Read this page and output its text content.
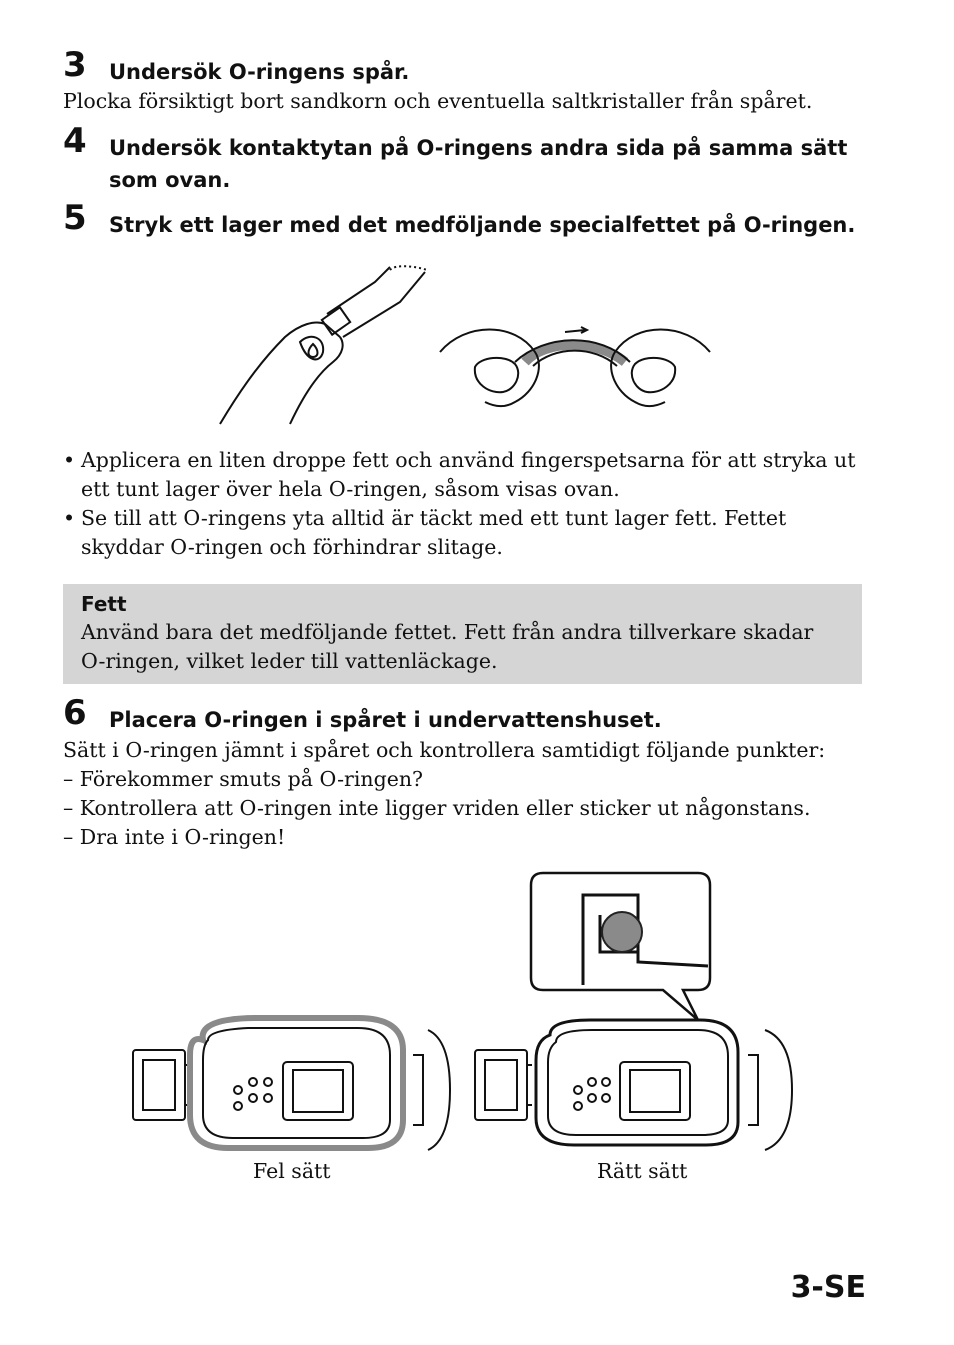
3 Undersök O-ringens spår.
Plocka försiktigt bort sandkorn och eventuella saltkristaller från spåret.
4 Undersök kontaktytan på O-ringens andra sida på samma sätt som ovan.
5 Stryk ett lager med det medföljande specialfettet på O-ringen.
• Applicera en liten droppe fett och använd fingerspetsarna för att stryka ut ett tunt lager över hela O-ringen, såsom visas ovan.
• Se till att O-ringens yta alltid är täckt med ett tunt lager fett. Fettet skyddar O-ringen och förhindrar slitage.
Fett
Använd bara det medföljande fettet. Fett från andra tillverkare skadar O-ringen, vilket leder till vattenläckage.
6 Placera O-ringen i spåret i undervattenshuset.
Sätt i O-ringen jämnt i spåret och kontrollera samtidigt följande punkter:
– Förekommer smuts på O-ringen?
– Kontrollera att O-ringen inte ligger vriden eller sticker ut någonstans.
– Dra inte i O-ringen!
Fel sätt	Rätt sätt
3-SE
